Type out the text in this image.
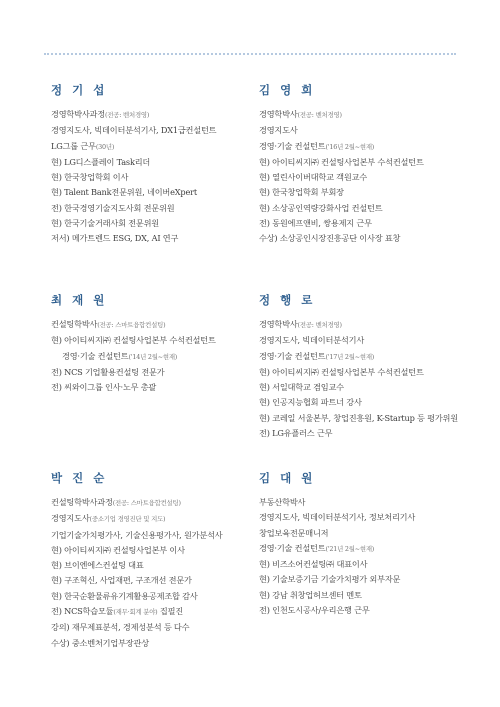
정 기 섭
경영학박사과정(전공: 벤처경영)
경영지도사, 빅데이터분석기사, DX1급컨설턴트
LG그룹 근무(30년)
현) LG디스플레이 Task리더
현) 한국창업학회 이사
현) Talent Bank전문위원, 네이버eXpert
전) 한국경영기술지도사회 전문위원
현) 한국기술거래사회 전문위원
저서) 메가트렌드 ESG, DX, AI 연구
김 영 희
경영학박사(전공: 벤처경영)
경영지도사
경영·기술 컨설턴트('16년 2월~현재)
현) 아이티씨지㈜ 컨설팅사업본부 수석컨설턴트
현) 열린사이버대학교 객원교수
현) 한국창업학회 부회장
현) 소상공인역량강화사업 컨설턴트
전) 동원에프앤비, 쌍용제지 근무
수상) 소상공인시장진흥공단 이사장 표창
최 재 원
컨설팅학박사(전공: 스마트융합컨설팅)
현) 아이티씨지㈜ 컨설팅사업본부 수석컨설턴트
경영·기술 컨설턴트('14년 2월~현재)
전) NCS 기업활용컨설팅 전문가
전) 씨와이그룹 인사·노무 총괄
정 행 로
경영학박사(전공: 벤처경영)
경영지도사, 빅데이터분석기사
경영·기술 컨설턴트('17년 2월~현재)
현) 아이티씨지㈜ 컨설팅사업본부 수석컨설턴트
현) 서일대학교 겸임교수
현) 인공지능협회 파트너 강사
현) 코레일 서울본부, 창업진흥원, K-Startup 등 평가위원
전) LG유플러스 근무
박 진 순
컨설팅학박사과정(전공: 스마트융합컨설팅)
경영지도사(중소기업 경영진단 및 지도)
기업기술가치평가사, 기술신용평가사, 원가분석사
현) 아이티씨지㈜ 컨설팅사업본부 이사
현) 브이엔에스컨설팅 대표
현) 구조혁신, 사업재편, 구조개선 전문가
현) 한국순환물류유기계활용공제조합 감사
전) NCS학습모듈(재무·회계 분야) 집필진
강의) 재무제표분석, 경제성분석 등 다수
수상) 중소벤처기업부장관상
김 대 원
부동산학박사
경영지도사, 빅데이터분석기사, 정보처리기사
창업보육전문매니저
경영·기술 컨설턴트('21년 2월~현재)
현) 비즈소어컨설팅㈜ 대표이사
현) 기술보증기금 기술가치평가 외부자문
현) 강남 취창업허브센터 멘토
전) 인천도시공사/우리은행 근무
